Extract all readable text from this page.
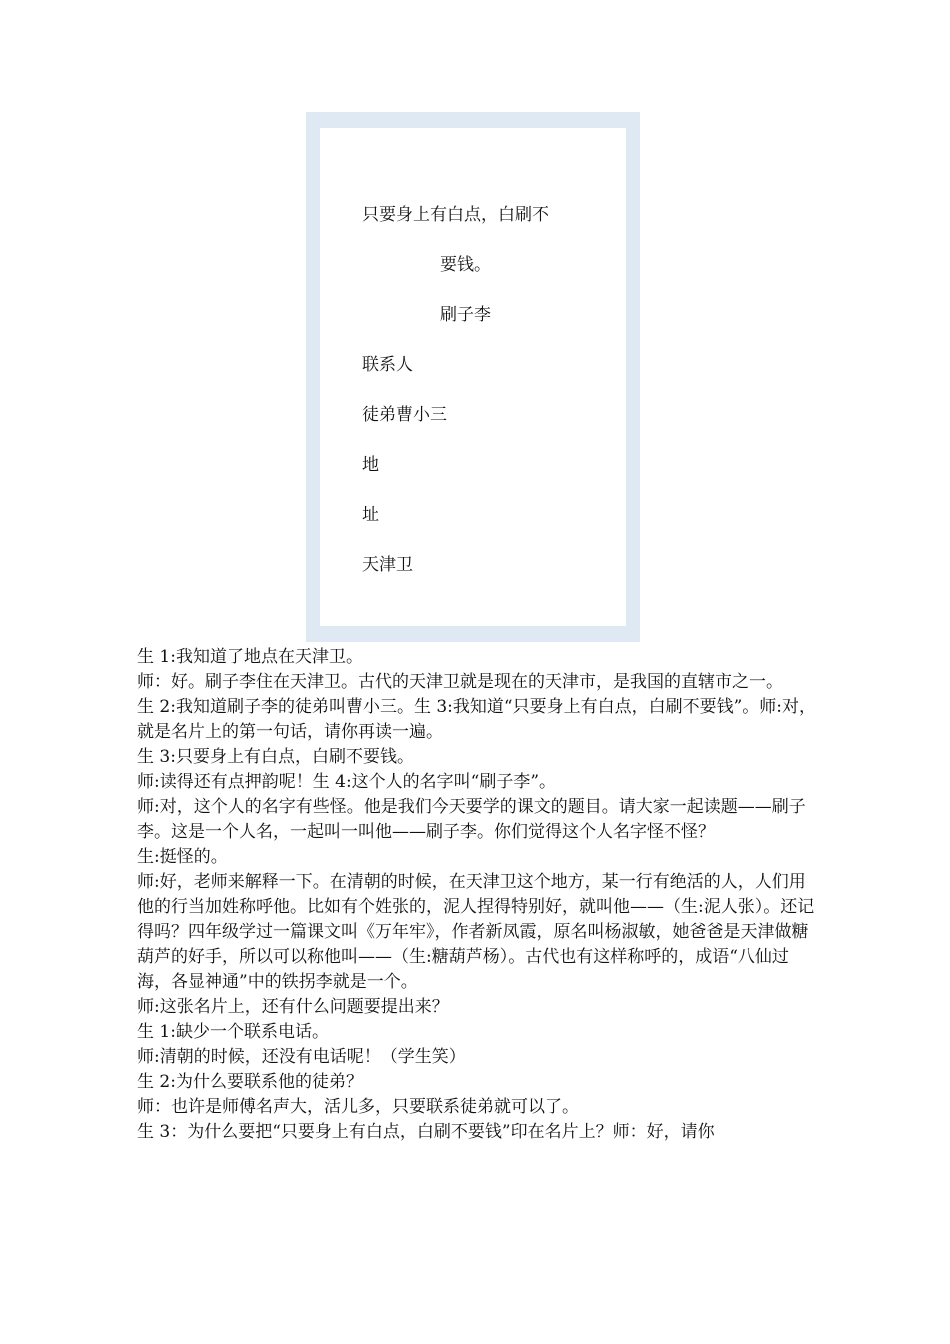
只要身上有白点，白刷不
要钱。
刷子李
联系人
徒弟曹小三
地
址
天津卫

生 1:我知道了地点在天津卫。

师：好。刷子李住在天津卫。古代的天津卫就是现在的天津市，是我国的直辖市之一。

生 2:我知道刷子李的徒弟叫曹小三。生 3:我知道“只要身上有白点，白刷不要钱”。师:对，就是名片上的第一句话，请你再读一遍。

生 3:只要身上有白点，白刷不要钱。

师:读得还有点押韵呢！生 4:这个人的名字叫“刷子李”。

师:对，这个人的名字有些怪。他是我们今天要学的课文的题目。请大家一起读题——刷子李。这是一个人名，一起叫一叫他——刷子李。你们觉得这个人名字怪不怪？

生:挺怪的。

师:好，老师来解释一下。在清朝的时候，在天津卫这个地方，某一行有绝活的人，人们用他的行当加姓称呼他。比如有个姓张的，泥人捏得特别好，就叫他——（生:泥人张）。还记得吗？四年级学过一篇课文叫《万年牢》，作者新凤霞，原名叫杨淑敏，她爸爸是天津做糖葫芦的好手，所以可以称他叫——（生:糖葫芦杨）。古代也有这样称呼的，成语“八仙过海，各显神通”中的铁拐李就是一个。

师:这张名片上，还有什么问题要提出来？

生 1:缺少一个联系电话。

师:清朝的时候，还没有电话呢！（学生笑）

生 2:为什么要联系他的徒弟？

师：也许是师傅名声大，活儿多，只要联系徒弟就可以了。

生 3：为什么要把“只要身上有白点，白刷不要钱”印在名片上？师：好，请你
